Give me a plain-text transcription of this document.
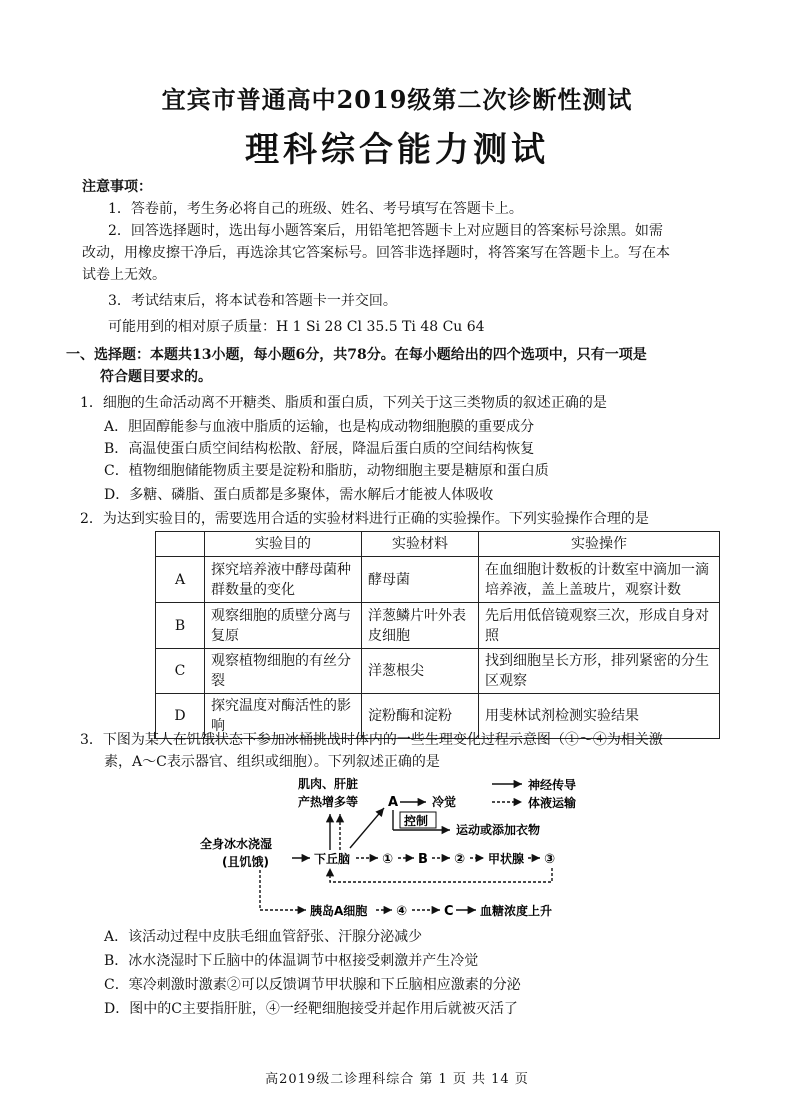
宜宾市普通高中2019级第二次诊断性测试
理科综合能力测试
注意事项：
1．答卷前，考生务必将自己的班级、姓名、考号填写在答题卡上。
2．回答选择题时，选出每小题答案后，用铅笔把答题卡上对应题目的答案标号涂黑。如需
改动，用橡皮擦干净后，再选涂其它答案标号。回答非选择题时，将答案写在答题卡上。写在本
试卷上无效。
3．考试结束后，将本试卷和答题卡一并交回。
可能用到的相对原子质量：H 1 Si 28 Cl 35.5 Ti 48 Cu 64
一、选择题：本题共13小题，每小题6分，共78分。在每小题给出的四个选项中，只有一项是
符合题目要求的。
1．细胞的生命活动离不开糖类、脂质和蛋白质，下列关于这三类物质的叙述正确的是
A．胆固醇能参与血液中脂质的运输，也是构成动物细胞膜的重要成分
B．高温使蛋白质空间结构松散、舒展，降温后蛋白质的空间结构恢复
C．植物细胞储能物质主要是淀粉和脂肪，动物细胞主要是糖原和蛋白质
D．多糖、磷脂、蛋白质都是多聚体，需水解后才能被人体吸收
2．为达到实验目的，需要选用合适的实验材料进行正确的实验操作。下列实验操作合理的是
	实验目的	实验材料	实验操作
A	探究培养液中酵母菌种群数量的变化	酵母菌	在血细胞计数板的计数室中滴加一滴培养液，盖上盖玻片，观察计数
B	观察细胞的质壁分离与复原	洋葱鳞片叶外表皮细胞	先后用低倍镜观察三次，形成自身对照
C	观察植物细胞的有丝分裂	洋葱根尖	找到细胞呈长方形，排列紧密的分生区观察
D	探究温度对酶活性的影响	淀粉酶和淀粉	用斐林试剂检测实验结果
3．下图为某人在饥饿状态下参加冰桶挑战时体内的一些生理变化过程示意图（①～④为相关激
素，A～C表示器官、组织或细胞）。下列叙述正确的是
神经传导
体液运输
肌肉、肝脏
产热增多等 A	冷觉
控制
运动或添加衣物
全身冰水浇湿
(且饥饿)	下丘脑 ① B ② 甲状腺 ③
胰岛A细胞 ④	C 血糖浓度上升
A．该活动过程中皮肤毛细血管舒张、汗腺分泌减少
B．冰水浇湿时下丘脑中的体温调节中枢接受刺激并产生冷觉
C．寒冷刺激时激素②可以反馈调节甲状腺和下丘脑相应激素的分泌
D．图中的C主要指肝脏，④一经靶细胞接受并起作用后就被灭活了
高2019级二诊理科综合 第 1 页 共 14 页
